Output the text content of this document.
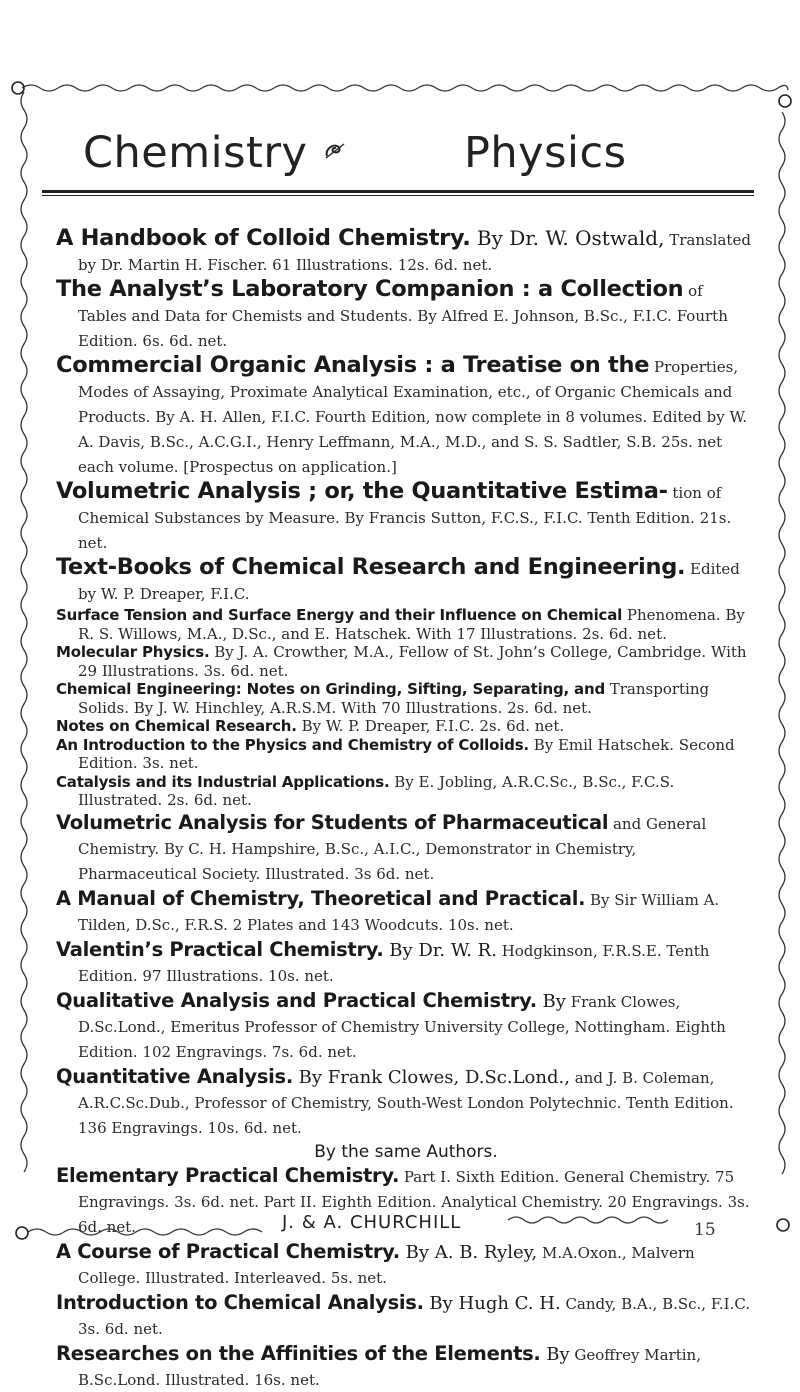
Chemistry	Physics

A Handbook of Colloid Chemistry. By Dr. W. Ostwald, Translated by Dr. Martin H. Fischer. 61 Illustrations. 12s. 6d. net.

The Analyst’s Laboratory Companion : a Collection of Tables and Data for Chemists and Students. By Alfred E. Johnson, B.Sc., F.I.C. Fourth Edition. 6s. 6d. net.

Commercial Organic Analysis : a Treatise on the Properties, Modes of Assaying, Proximate Analytical Examination, etc., of Organic Chemicals and Products. By A. H. Allen, F.I.C. Fourth Edition, now complete in 8 volumes. Edited by W. A. Davis, B.Sc., A.C.G.I., Henry Leffmann, M.A., M.D., and S. S. Sadtler, S.B. 25s. net each volume. [Prospectus on application.]

Volumetric Analysis ; or, the Quantitative Estima- tion of Chemical Substances by Measure. By Francis Sutton, F.C.S., F.I.C. Tenth Edition. 21s. net.

Text-Books of Chemical Research and Engineering. Edited by W. P. Dreaper, F.I.C.

Surface Tension and Surface Energy and their Influence on Chemical Phenomena. By R. S. Willows, M.A., D.Sc., and E. Hatschek. With 17 Illustrations. 2s. 6d. net.

Molecular Physics. By J. A. Crowther, M.A., Fellow of St. John’s College, Cambridge. With 29 Illustrations. 3s. 6d. net.

Chemical Engineering: Notes on Grinding, Sifting, Separating, and Transporting Solids. By J. W. Hinchley, A.R.S.M. With 70 Illustrations. 2s. 6d. net.

Notes on Chemical Research. By W. P. Dreaper, F.I.C. 2s. 6d. net.

An Introduction to the Physics and Chemistry of Colloids. By Emil Hatschek. Second Edition. 3s. net.

Catalysis and its Industrial Applications. By E. Jobling, A.R.C.Sc., B.Sc., F.C.S. Illustrated. 2s. 6d. net.

Volumetric Analysis for Students of Pharmaceutical and General Chemistry. By C. H. Hampshire, B.Sc., A.I.C., Demonstrator in Chemistry, Pharmaceutical Society. Illustrated. 3s 6d. net.

A Manual of Chemistry, Theoretical and Practical. By Sir William A. Tilden, D.Sc., F.R.S. 2 Plates and 143 Woodcuts. 10s. net.

Valentin’s Practical Chemistry. By Dr. W. R. Hodgkinson, F.R.S.E. Tenth Edition. 97 Illustrations. 10s. net.

Qualitative Analysis and Practical Chemistry. By Frank Clowes, D.Sc.Lond., Emeritus Professor of Chemistry University College, Nottingham. Eighth Edition. 102 Engravings. 7s. 6d. net.

Quantitative Analysis. By Frank Clowes, D.Sc.Lond., and J. B. Coleman, A.R.C.Sc.Dub., Professor of Chemistry, South-West London Polytechnic. Tenth Edition. 136 Engravings. 10s. 6d. net.

By the same Authors.

Elementary Practical Chemistry. Part I. Sixth Edition. General Chemistry. 75 Engravings. 3s. 6d. net. Part II. Eighth Edition. Analytical Chemistry. 20 Engravings. 3s. 6d. net.

A Course of Practical Chemistry. By A. B. Ryley, M.A.Oxon., Malvern College. Illustrated. Interleaved. 5s. net.

Introduction to Chemical Analysis. By Hugh C. H. Candy, B.A., B.Sc., F.I.C. 3s. 6d. net.

Researches on the Affinities of the Elements. By Geoffrey Martin, B.Sc.Lond. Illustrated. 16s. net.

J. & A. CHURCHILL	15
